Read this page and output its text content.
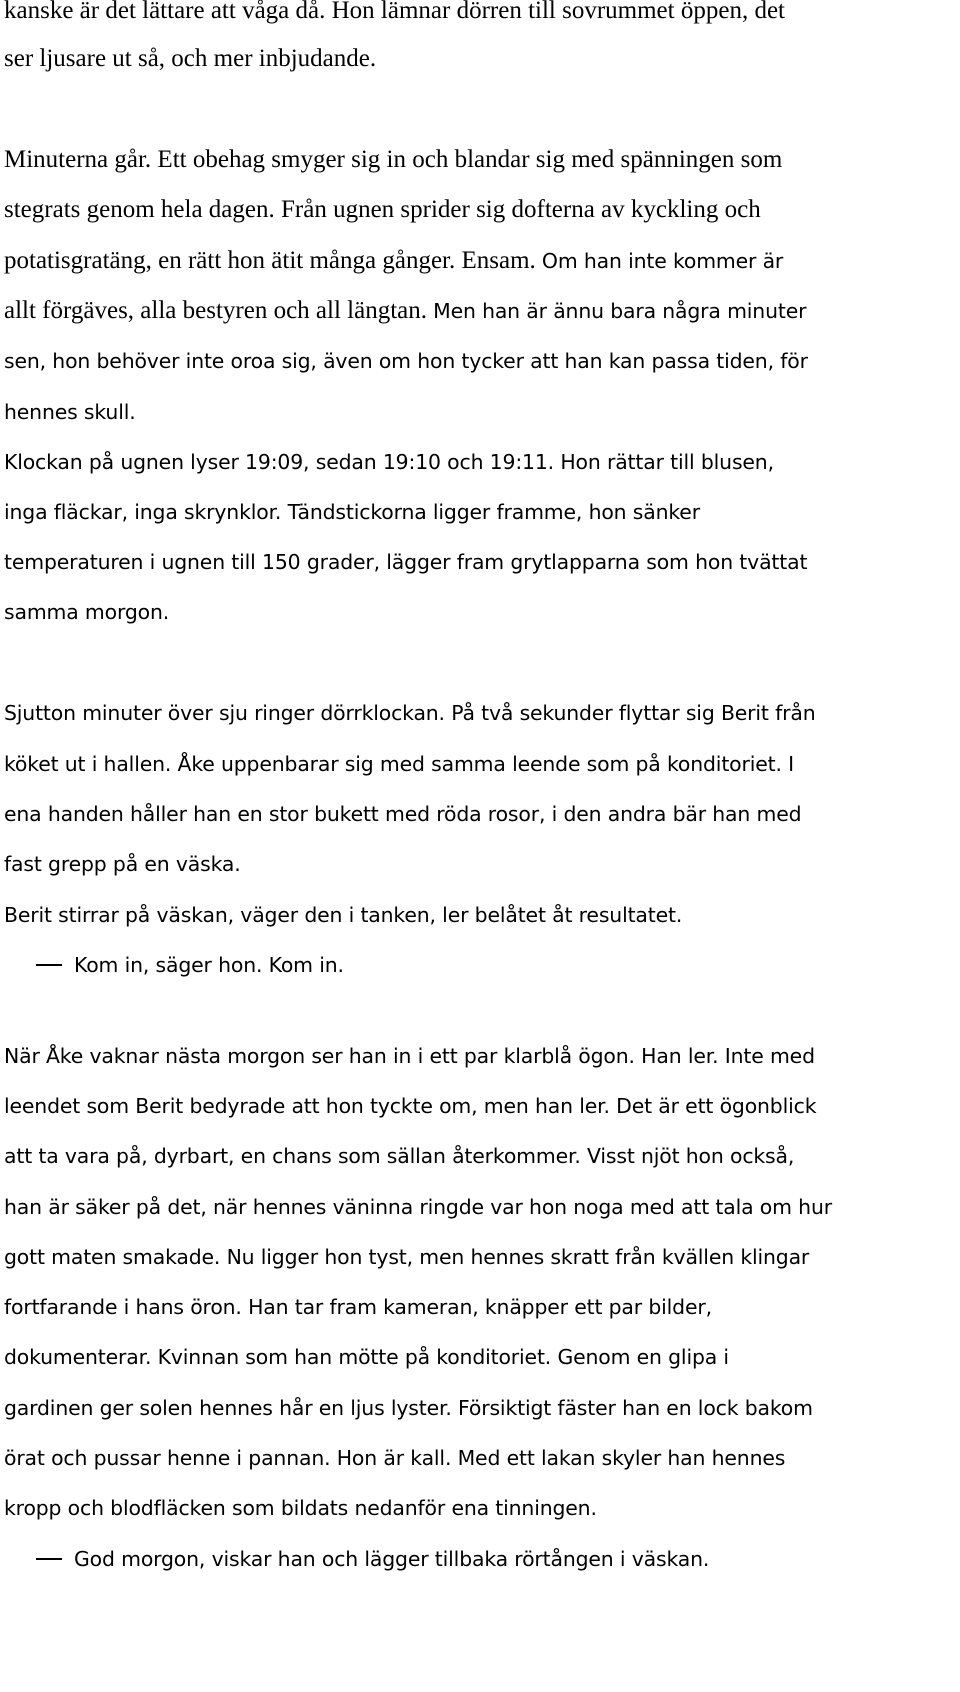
kanske är det lättare att våga då. Hon lämnar dörren till sovrummet öppen, det
ser ljusare ut så, och mer inbjudande.
Minuterna går. Ett obehag smyger sig in och blandar sig med spänningen som
stegrats genom hela dagen. Från ugnen sprider sig dofterna av kyckling och
potatisgratäng, en rätt hon ätit många gånger. Ensam. Om han inte kommer är
allt förgäves, alla bestyren och all längtan. Men han är ännu bara några minuter
sen, hon behöver inte oroa sig, även om hon tycker att han kan passa tiden, för
hennes skull.
Klockan på ugnen lyser 19:09, sedan 19:10 och 19:11. Hon rättar till blusen,
inga fläckar, inga skrynklor. Tändstickorna ligger framme, hon sänker
temperaturen i ugnen till 150 grader, lägger fram grytlapparna som hon tvättat
samma morgon.
Sjutton minuter över sju ringer dörrklockan. På två sekunder flyttar sig Berit från
köket ut i hallen. Åke uppenbarar sig med samma leende som på konditoriet. I
ena handen håller han en stor bukett med röda rosor, i den andra bär han med
fast grepp på en väska.
Berit stirrar på väskan, väger den i tanken, ler belåtet åt resultatet.
Kom in, säger hon. Kom in.
När Åke vaknar nästa morgon ser han in i ett par klarblå ögon. Han ler. Inte med
leendet som Berit bedyrade att hon tyckte om, men han ler. Det är ett ögonblick
att ta vara på, dyrbart, en chans som sällan återkommer. Visst njöt hon också,
han är säker på det, när hennes väninna ringde var hon noga med att tala om hur
gott maten smakade. Nu ligger hon tyst, men hennes skratt från kvällen klingar
fortfarande i hans öron. Han tar fram kameran, knäpper ett par bilder,
dokumenterar. Kvinnan som han mötte på konditoriet. Genom en glipa i
gardinen ger solen hennes hår en ljus lyster. Försiktigt fäster han en lock bakom
örat och pussar henne i pannan. Hon är kall. Med ett lakan skyler han hennes
kropp och blodfläcken som bildats nedanför ena tinningen.
God morgon, viskar han och lägger tillbaka rörtången i väskan.
